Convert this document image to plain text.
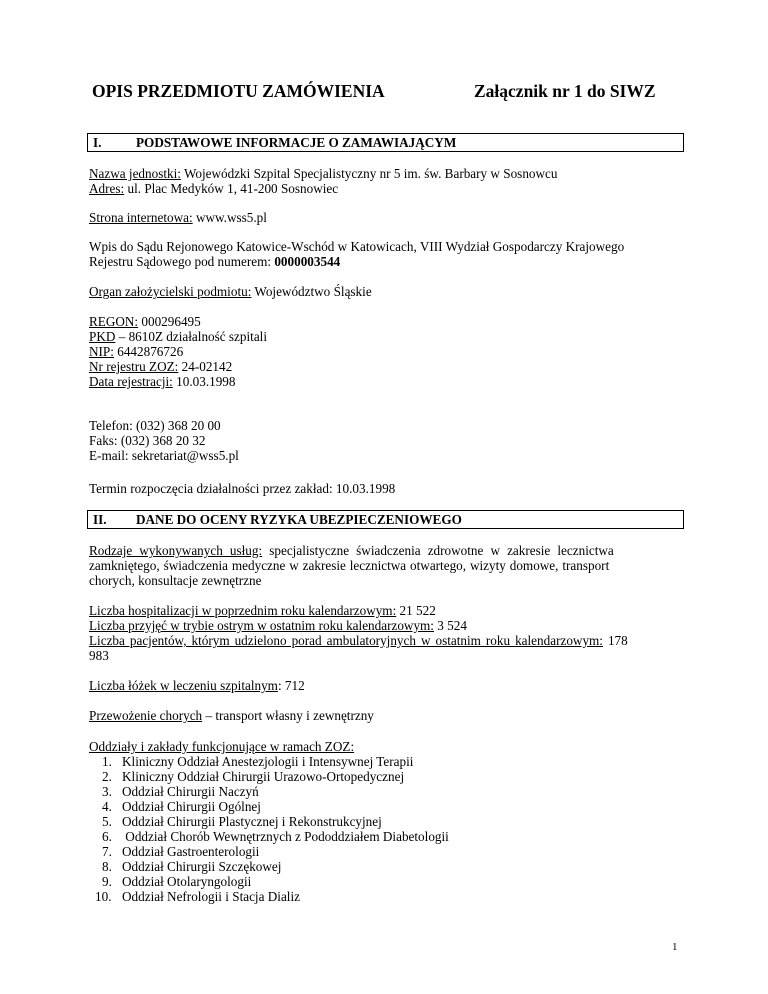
OPIS PRZEDMIOTU ZAMÓWIENIA	Załącznik nr 1 do SIWZ
I.	PODSTAWOWE INFORMACJE O ZAMAWIAJĄCYM
Nazwa jednostki: Wojewódzki Szpital Specjalistyczny nr 5 im. św. Barbary w Sosnowcu
Adres: ul. Plac Medyków 1, 41-200 Sosnowiec
Strona internetowa: www.wss5.pl
Wpis do Sądu Rejonowego Katowice-Wschód w Katowicach, VIII Wydział Gospodarczy Krajowego
Rejestru Sądowego pod numerem: 0000003544
Organ założycielski podmiotu: Województwo Śląskie
REGON: 000296495
PKD – 8610Z działalność szpitali
NIP: 6442876726
Nr rejestru ZOZ: 24-02142
Data rejestracji: 10.03.1998
Telefon: (032) 368 20 00
Faks: (032) 368 20 32
E-mail: sekretariat@wss5.pl
Termin rozpoczęcia działalności przez zakład: 10.03.1998
II. DANE DO OCENY RYZYKA UBEZPIECZENIOWEGO
Rodzaje wykonywanych usług: specjalistyczne świadczenia zdrowotne w zakresie lecznictwa
zamkniętego, świadczenia medyczne w zakresie lecznictwa otwartego, wizyty domowe, transport
chorych, konsultacje zewnętrzne
Liczba hospitalizacji w poprzednim roku kalendarzowym: 21 522
Liczba przyjęć w trybie ostrym w ostatnim roku kalendarzowym: 3 524
Liczba pacjentów, którym udzielono porad ambulatoryjnych w ostatnim roku kalendarzowym: 178
983
Liczba łóżek w leczeniu szpitalnym: 712
Przewożenie chorych – transport własny i zewnętrzny
Oddziały i zakłady funkcjonujące w ramach ZOZ:
1. Kliniczny Oddział Anestezjologii i Intensywnej Terapii
2. Kliniczny Oddział Chirurgii Urazowo-Ortopedycznej
3. Oddział Chirurgii Naczyń
4. Oddział Chirurgii Ogólnej
5. Oddział Chirurgii Plastycznej i Rekonstrukcyjnej
6. Oddział Chorób Wewnętrznych z Pododdziałem Diabetologii
7. Oddział Gastroenterologii
8. Oddział Chirurgii Szczękowej
9. Oddział Otolaryngologii
10. Oddział Nefrologii i Stacja Dializ
1
